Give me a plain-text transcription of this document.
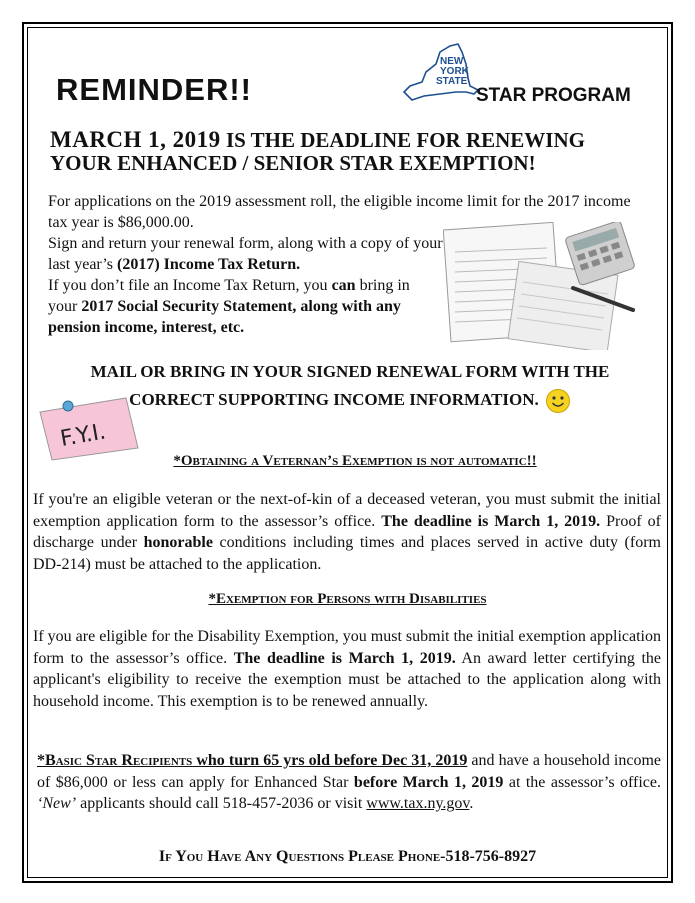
REMINDER!!
NEW
YORK
STATE
STAR PROGRAM
MARCH 1, 2019 IS THE DEADLINE FOR RENEWING
YOUR ENHANCED / SENIOR STAR EXEMPTION!
For applications on the 2019 assessment roll, the eligible income limit for the 2017 income tax year is $86,000.00.
Sign and return your renewal form, along with a copy of your last year’s (2017) Income Tax Return.
If you don’t file an Income Tax Return, you can bring in your 2017 Social Security Statement, along with any pension income, interest, etc.
MAIL OR BRING IN YOUR SIGNED RENEWAL FORM WITH THE
CORRECT SUPPORTING INCOME INFORMATION.
F.Y.I.
*Obtaining a Veternan’s Exemption is not automatic!!
If you're an eligible veteran or the next-of-kin of a deceased veteran, you must submit the initial exemption application form to the assessor’s office. The deadline is March 1, 2019. Proof of discharge under honorable conditions including times and places served in active duty (form DD-214) must be attached to the application.
*Exemption for Persons with Disabilities
If you are eligible for the Disability Exemption, you must submit the initial exemption application form to the assessor’s office. The deadline is March 1, 2019. An award letter certifying the applicant's eligibility to receive the exemption must be attached to the application along with household income. This exemption is to be renewed annually.
*Basic Star Recipients who turn 65 yrs old before Dec 31, 2019 and have a household income of $86,000 or less can apply for Enhanced Star before March 1, 2019 at the assessor’s office. ‘New’ applicants should call 518-457-2036 or visit www.tax.ny.gov.
If You Have Any Questions Please Phone-518-756-8927
